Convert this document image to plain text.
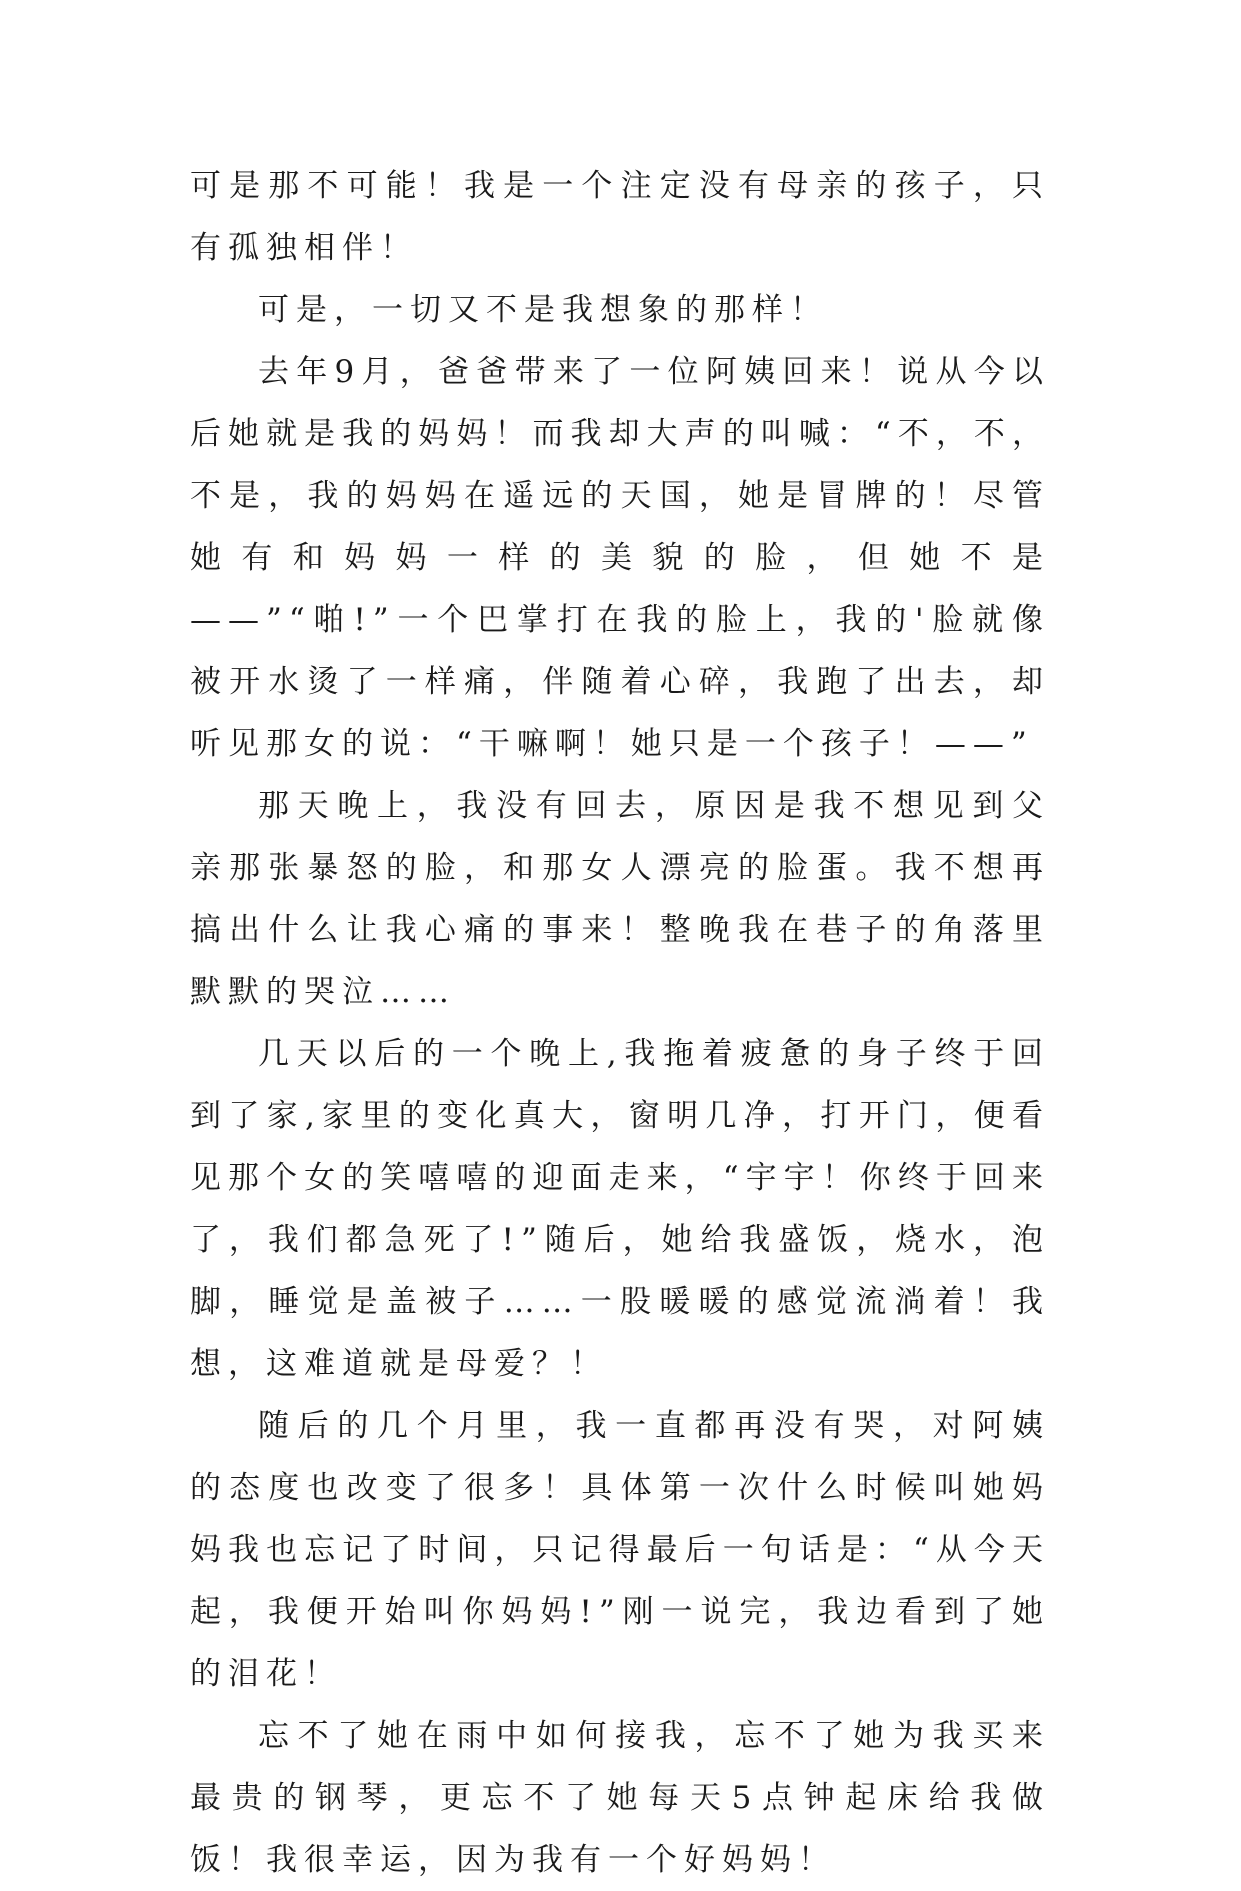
可是那不可能！我是一个注定没有母亲的孩子，只有孤独相伴！

可是，一切又不是我想象的那样！

去年9月，爸爸带来了一位阿姨回来！说从今以后她就是我的妈妈！而我却大声的叫喊：“不，不，不是，我的妈妈在遥远的天国，她是冒牌的！尽管她有和妈妈一样的美貌的脸，但她不是——”“啪!”一个巴掌打在我的脸上，我的'脸就像被开水烫了一样痛，伴随着心碎，我跑了出去，却听见那女的说：“干嘛啊！她只是一个孩子！——”

那天晚上，我没有回去，原因是我不想见到父亲那张暴怒的脸，和那女人漂亮的脸蛋。我不想再搞出什么让我心痛的事来！整晚我在巷子的角落里默默的哭泣……

几天以后的一个晚上,我拖着疲惫的身子终于回到了家,家里的变化真大，窗明几净，打开门，便看见那个女的笑嘻嘻的迎面走来，“宇宇！你终于回来了，我们都急死了!”随后，她给我盛饭，烧水，泡脚，睡觉是盖被子……一股暖暖的感觉流淌着！我想，这难道就是母爱？！

随后的几个月里，我一直都再没有哭，对阿姨的态度也改变了很多！具体第一次什么时候叫她妈妈我也忘记了时间，只记得最后一句话是：“从今天起，我便开始叫你妈妈!”刚一说完，我边看到了她的泪花！

忘不了她在雨中如何接我，忘不了她为我买来最贵的钢琴，更忘不了她每天5点钟起床给我做饭！我很幸运，因为我有一个好妈妈！
